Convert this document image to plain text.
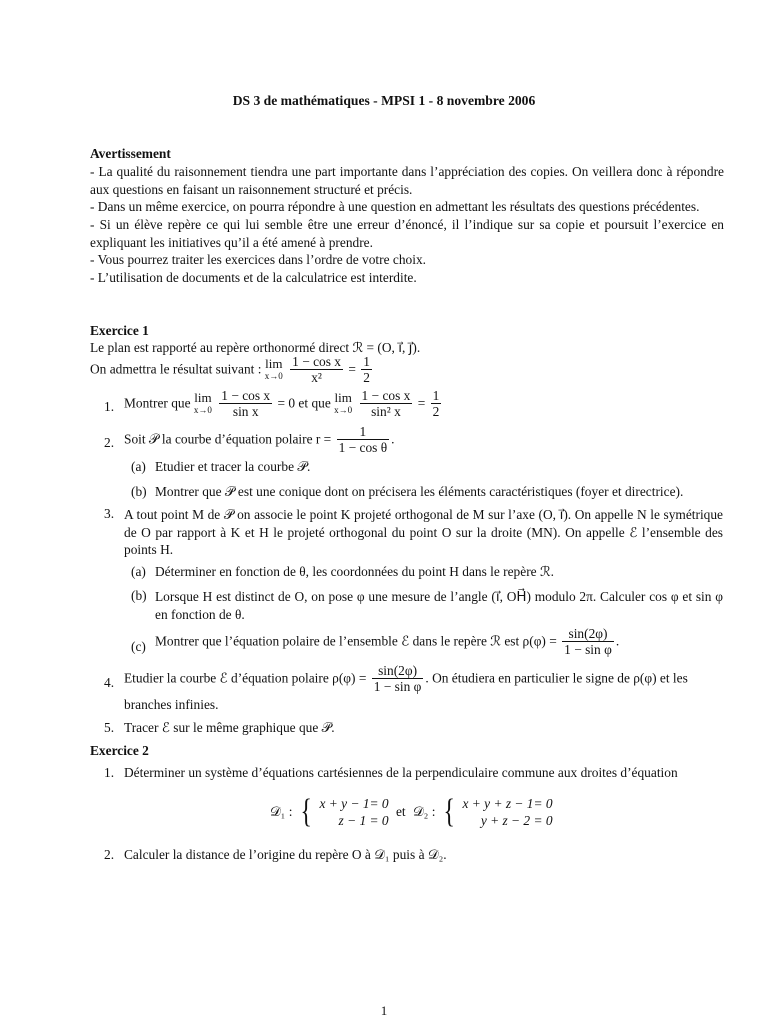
DS 3 de mathématiques - MPSI 1 - 8 novembre 2006
Avertissement
- La qualité du raisonnement tiendra une part importante dans l’appréciation des copies. On veillera donc à répondre aux questions en faisant un raisonnement structuré et précis.
- Dans un même exercice, on pourra répondre à une question en admettant les résultats des questions précédentes.
- Si un élève repère ce qui lui semble être une erreur d’énoncé, il l’indique sur sa copie et poursuit l’exercice en expliquant les initiatives qu’il a été amené à prendre.
- Vous pourrez traiter les exercices dans l’ordre de votre choix.
- L’utilisation de documents et de la calculatrice est interdite.
Exercice 1
Le plan est rapporté au repère orthonormé direct ℛ = (O, i⃗, j⃗).
On admettra le résultat suivant : lim
x→0
$\frac{\text{1 − cos x}}{\text{x²}} = \frac{1}{2}$
1. Montrer que lim
x→0
$\frac{\text{1 − cos x}}{\text{sin x}} = 0$ et que lim
x→0
$\frac{\text{1 − cos x}}{\text{sin² x}} = \frac{1}{2}$
2. Soit 𝒫 la courbe d’équation polaire $r = \frac{1}{\text{1 − cos θ}}$ .
(a) Etudier et tracer la courbe 𝒫.
(b) Montrer que 𝒫 est une conique dont on précisera les éléments caractéristiques (foyer et directrice).
3. A tout point M de 𝒫 on associe le point K projeté orthogonal de M sur l’axe (O, i⃗). On appelle N le symétrique de O par rapport à K et H le projeté orthogonal du point O sur la droite (MN). On appelle ℰ l’ensemble des points H.
(a) Déterminer en fonction de θ, les coordonnées du point H dans le repère ℛ.
(b) Lorsque H est distinct de O, on pose φ une mesure de l’angle (i⃗, OH⃗) modulo 2π. Calculer cos φ et sin φ en fonction de θ.
(c) Montrer que l’équation polaire de l’ensemble ℰ dans le repère ℛ est $\rho(\varphi) = \frac{\sin(2\varphi)}{\text{1 − sin φ}}$ .
4. Etudier la courbe ℰ d’équation polaire $\rho(\varphi) = \frac{\sin(2\varphi)}{\text{1 − sin φ}}$ . On étudiera en particulier le signe de ρ(φ) et les
branches infinies.
5. Tracer ℰ sur le même graphique que 𝒫.
Exercice 2
1. Déterminer un système d’équations cartésiennes de la perpendiculaire commune aux droites d’équation
𝒟₁ : { x + y − 1= 0
z − 1 = 0
et 𝒟₂ : { x + y + z − 1= 0
y + z − 2 = 0
2. Calculer la distance de l’origine du repère O à 𝒟₁ puis à 𝒟₂.
1
